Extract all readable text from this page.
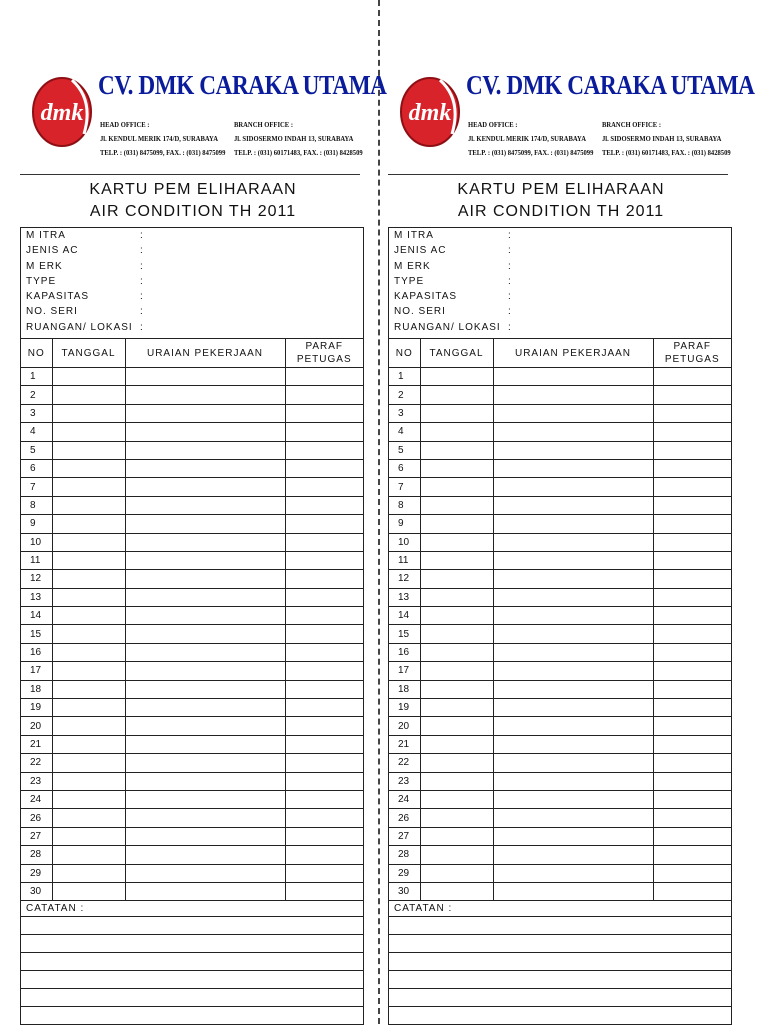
dmk
CV. DMK CARAKA UTAMA
HEAD OFFICE :
Jl. KENDUL MERIK 174/D, SURABAYA
TELP. : (031) 8475099, FAX. : (031) 8475099
BRANCH OFFICE :
Jl. SIDOSERMO INDAH 13, SURABAYA
TELP. : (031) 60171483, FAX. : (031) 8428509
KARTU PEM ELIHARAAN
AIR CONDITION TH 2011
M ITRA	:
JENIS AC	:
M ERK	:
TYPE	:
KAPASITAS	:
NO. SERI	:
RUANGAN/ LOKASI :
NO	TANGGAL	URAIAN PEKERJAAN	PARAF
PETUGAS

1			
2			
3			
4			
5			
6			
7			
8			
9			
10			
11			
12			
13			
14			
15			
16			
17			
18			
19			
20			
21			
22			
23			
24			
26			
27			
28			
29			
30			
CATATAN :
dmk
CV. DMK CARAKA UTAMA
HEAD OFFICE :
Jl. KENDUL MERIK 174/D, SURABAYA
TELP. : (031) 8475099, FAX. : (031) 8475099
BRANCH OFFICE :
Jl. SIDOSERMO INDAH 13, SURABAYA
TELP. : (031) 60171483, FAX. : (031) 8428509
KARTU PEM ELIHARAAN
AIR CONDITION TH 2011
M ITRA	:
JENIS AC	:
M ERK	:
TYPE	:
KAPASITAS	:
NO. SERI	:
RUANGAN/ LOKASI :
NO	TANGGAL	URAIAN PEKERJAAN	PARAF
PETUGAS

1			
2			
3			
4			
5			
6			
7			
8			
9			
10			
11			
12			
13			
14			
15			
16			
17			
18			
19			
20			
21			
22			
23			
24			
26			
27			
28			
29			
30			
CATATAN :
